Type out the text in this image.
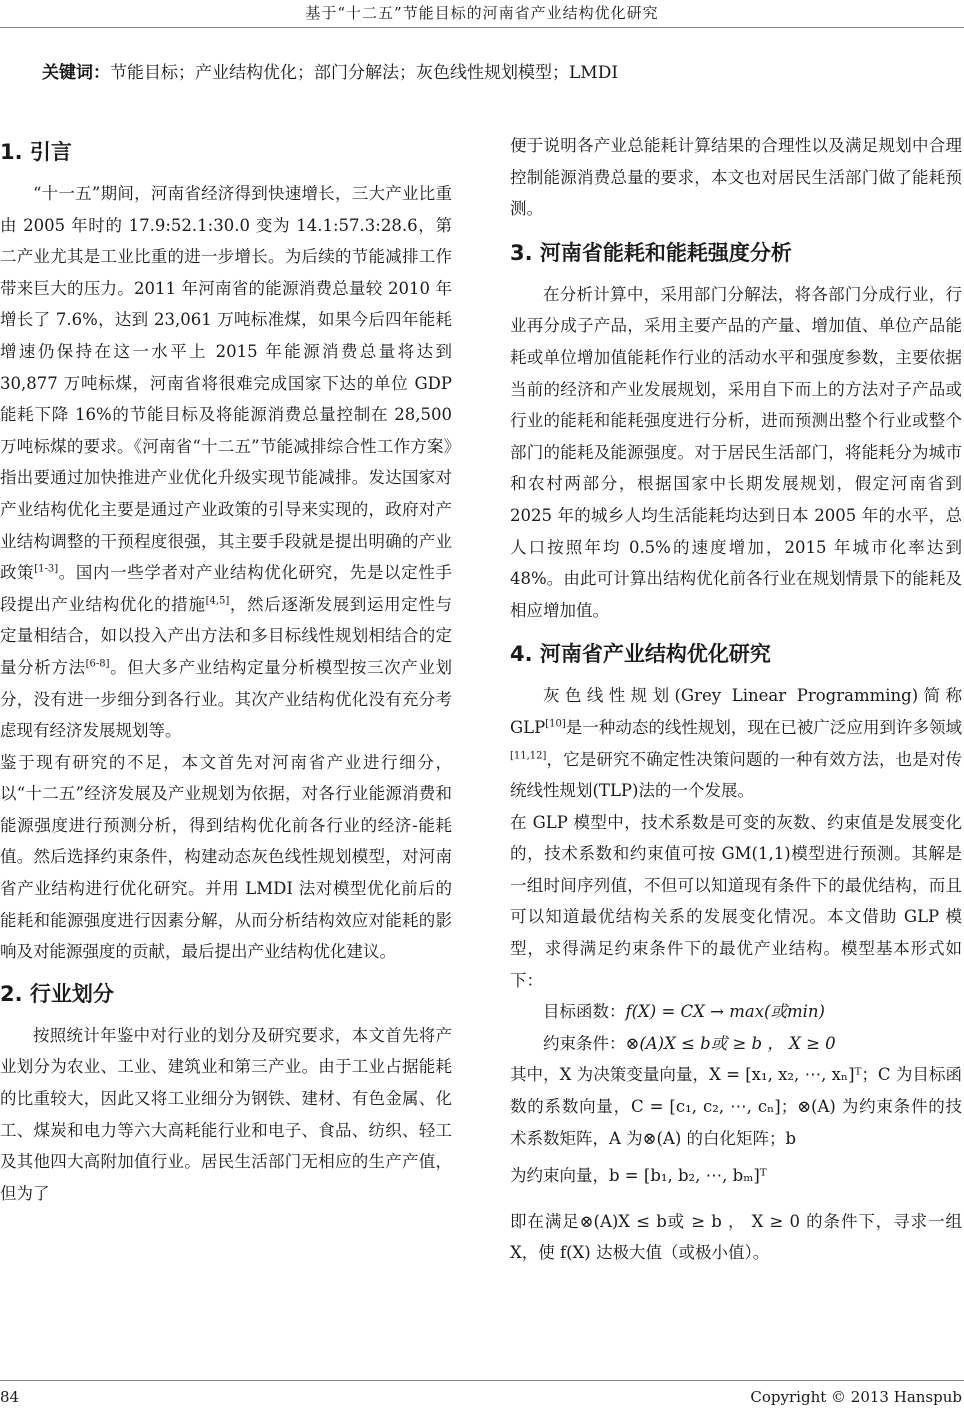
基于“十二五”节能目标的河南省产业结构优化研究
关键词：节能目标；产业结构优化；部门分解法；灰色线性规划模型；LMDI
1. 引言

“十一五”期间，河南省经济得到快速增长，三大产业比重由 2005 年时的 17.9:52.1:30.0 变为 14.1:57.3:28.6，第二产业尤其是工业比重的进一步增长。为后续的节能减排工作带来巨大的压力。2011 年河南省的能源消费总量较 2010 年增长了 7.6%，达到 23,061 万吨标准煤，如果今后四年能耗增速仍保持在这一水平上 2015 年能源消费总量将达到 30,877 万吨标煤，河南省将很难完成国家下达的单位 GDP 能耗下降 16%的节能目标及将能源消费总量控制在 28,500 万吨标煤的要求。《河南省“十二五”节能减排综合性工作方案》指出要通过加快推进产业优化升级实现节能减排。发达国家对产业结构优化主要是通过产业政策的引导来实现的，政府对产业结构调整的干预程度很强，其主要手段就是提出明确的产业政策[1-3]。国内一些学者对产业结构优化研究，先是以定性手段提出产业结构优化的措施[4,5]，然后逐渐发展到运用定性与定量相结合，如以投入产出方法和多目标线性规划相结合的定量分析方法[6-8]。但大多产业结构定量分析模型按三次产业划分，没有进一步细分到各行业。其次产业结构优化没有充分考虑现有经济发展规划等。

鉴于现有研究的不足，本文首先对河南省产业进行细分，以“十二五”经济发展及产业规划为依据，对各行业能源消费和能源强度进行预测分析，得到结构优化前各行业的经济-能耗值。然后选择约束条件，构建动态灰色线性规划模型，对河南省产业结构进行优化研究。并用 LMDI 法对模型优化前后的能耗和能源强度进行因素分解，从而分析结构效应对能耗的影响及对能源强度的贡献，最后提出产业结构优化建议。

2. 行业划分

按照统计年鉴中对行业的划分及研究要求，本文首先将产业划分为农业、工业、建筑业和第三产业。由于工业占据能耗的比重较大，因此又将工业细分为钢铁、建材、有色金属、化工、煤炭和电力等六大高耗能行业和电子、食品、纺织、轻工及其他四大高附加值行业。居民生活部门无相应的生产产值，但为了

便于说明各产业总能耗计算结果的合理性以及满足规划中合理控制能源消费总量的要求，本文也对居民生活部门做了能耗预测。

3. 河南省能耗和能耗强度分析

在分析计算中，采用部门分解法，将各部门分成行业，行业再分成子产品，采用主要产品的产量、增加值、单位产品能耗或单位增加值能耗作行业的活动水平和强度参数，主要依据当前的经济和产业发展规划，采用自下而上的方法对子产品或行业的能耗和能耗强度进行分析，进而预测出整个行业或整个部门的能耗及能源强度。对于居民生活部门，将能耗分为城市和农村两部分，根据国家中长期发展规划，假定河南省到 2025 年的城乡人均生活能耗均达到日本 2005 年的水平，总人口按照年均 0.5%的速度增加，2015 年城市化率达到 48%。由此可计算出结构优化前各行业在规划情景下的能耗及相应增加值。

4. 河南省产业结构优化研究

灰色线性规划(Grey Linear Programming)简称 GLP[10]是一种动态的线性规划，现在已被广泛应用到许多领域[11,12]，它是研究不确定性决策问题的一种有效方法，也是对传统线性规划(TLP)法的一个发展。

在 GLP 模型中，技术系数是可变的灰数、约束值是发展变化的，技术系数和约束值可按 GM(1,1)模型进行预测。其解是一组时间序列值，不但可以知道现有条件下的最优结构，而且可以知道最优结构关系的发展变化情况。本文借助 GLP 模型，求得满足约束条件下的最优产业结构。模型基本形式如下：

目标函数：f(X) = CX → max(或min)

约束条件：⊗(A)X ≤ b或 ≥ b ， X ≥ 0

其中，X 为决策变量向量，X = [x₁, x₂, ⋯, xₙ]ᵀ；C 为目标函数的系数向量，C = [c₁, c₂, ⋯, cₙ]；⊗(A) 为约束条件的技术系数矩阵，A 为⊗(A) 的白化矩阵；b

为约束向量，b = [b₁, b₂, ⋯, bₘ]ᵀ

即在满足⊗(A)X ≤ b或 ≥ b ， X ≥ 0 的条件下，寻求一组 X，使 f(X) 达极大值（或极小值）。

84	Copyright © 2013 Hanspub
